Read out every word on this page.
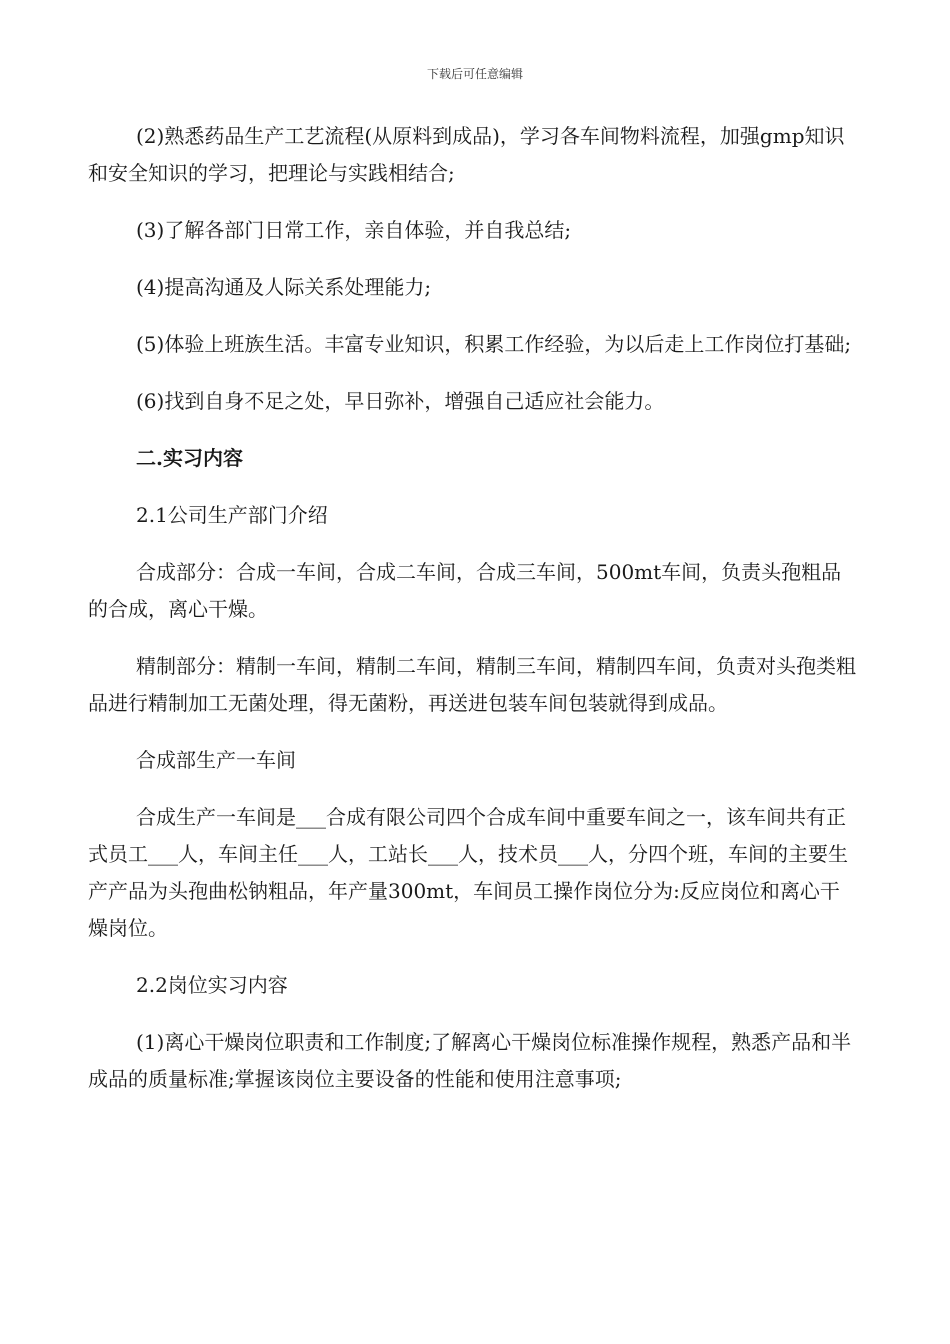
下载后可任意编辑

(2)熟悉药品生产工艺流程(从原料到成品)，学习各车间物料流程，加强gmp知识和安全知识的学习，把理论与实践相结合;

(3)了解各部门日常工作，亲自体验，并自我总结;

(4)提高沟通及人际关系处理能力;

(5)体验上班族生活。丰富专业知识，积累工作经验，为以后走上工作岗位打基础;

(6)找到自身不足之处，早日弥补，增强自己适应社会能力。

二.实习内容

2.1公司生产部门介绍

合成部分：合成一车间，合成二车间，合成三车间，500mt车间，负责头孢粗品的合成，离心干燥。

精制部分：精制一车间，精制二车间，精制三车间，精制四车间，负责对头孢类粗品进行精制加工无菌处理，得无菌粉，再送进包装车间包装就得到成品。

合成部生产一车间

合成生产一车间是___合成有限公司四个合成车间中重要车间之一，该车间共有正式员工___人，车间主任___人，工站长___人，技术员___人，分四个班，车间的主要生产产品为头孢曲松钠粗品，年产量300mt，车间员工操作岗位分为:反应岗位和离心干燥岗位。

2.2岗位实习内容

(1)离心干燥岗位职责和工作制度;了解离心干燥岗位标准操作规程，熟悉产品和半成品的质量标准;掌握该岗位主要设备的性能和使用注意事项;
